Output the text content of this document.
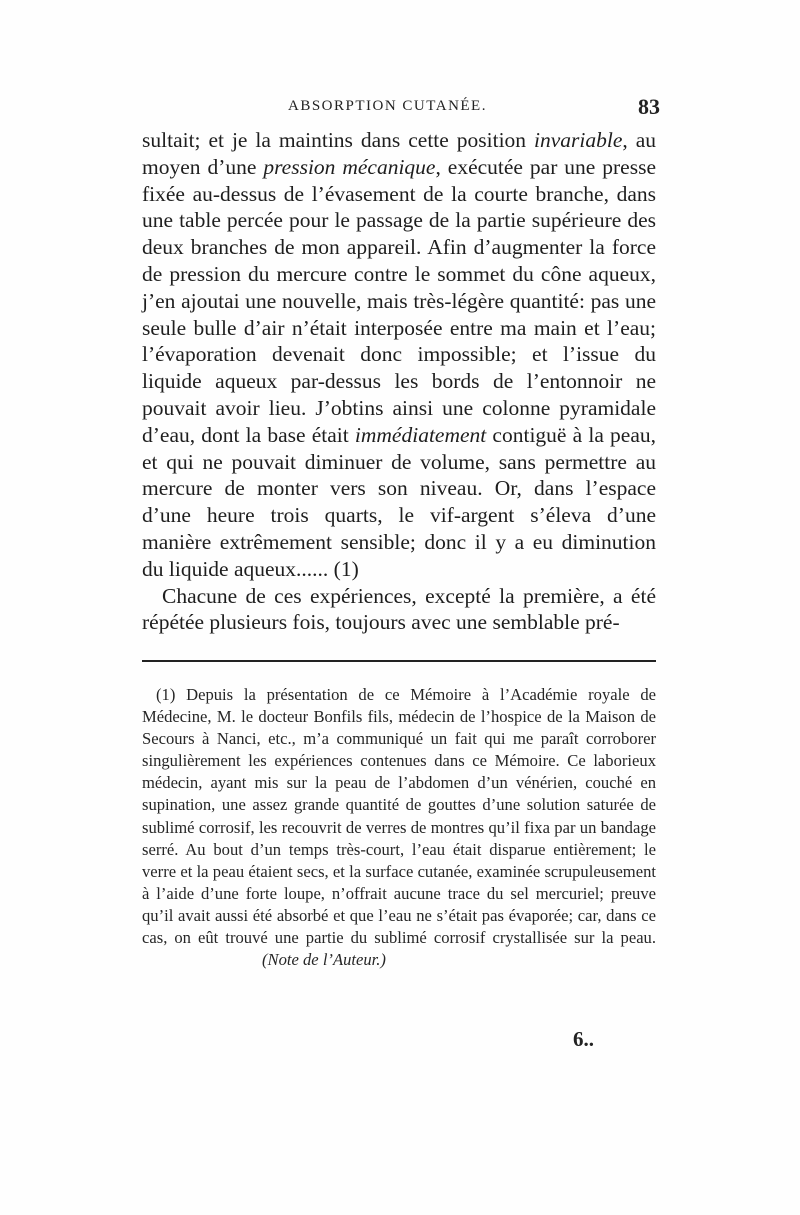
ABSORPTION CUTANÉE.	83

sultait; et je la maintins dans cette position invariable, au moyen d’une pression mécanique, exécutée par une presse fixée au-dessus de l’évasement de la courte branche, dans une table percée pour le passage de la partie supérieure des deux branches de mon appareil. Afin d’augmenter la force de pression du mercure contre le sommet du cône aqueux, j’en ajoutai une nouvelle, mais très-légère quantité: pas une seule bulle d’air n’était interposée entre ma main et l’eau; l’évaporation devenait donc impossible; et l’issue du liquide aqueux par-dessus les bords de l’entonnoir ne pouvait avoir lieu. J’obtins ainsi une colonne pyramidale d’eau, dont la base était immédiatement contiguë à la peau, et qui ne pouvait diminuer de volume, sans permettre au mercure de monter vers son niveau. Or, dans l’espace d’une heure trois quarts, le vif-argent s’éleva d’une manière extrêmement sensible; donc il y a eu diminution du liquide aqueux...... (1)

Chacune de ces expériences, excepté la première, a été répétée plusieurs fois, toujours avec une semblable pré-

(1) Depuis la présentation de ce Mémoire à l’Académie royale de Médecine, M. le docteur Bonfils fils, médecin de l’hospice de la Maison de Secours à Nanci, etc., m’a communiqué un fait qui me paraît corroborer singulièrement les expériences contenues dans ce Mémoire. Ce laborieux médecin, ayant mis sur la peau de l’abdomen d’un vénérien, couché en supination, une assez grande quantité de gouttes d’une solution saturée de sublimé corrosif, les recouvrit de verres de montres qu’il fixa par un bandage serré. Au bout d’un temps très-court, l’eau était disparue entièrement; le verre et la peau étaient secs, et la surface cutanée, examinée scrupuleusement à l’aide d’une forte loupe, n’offrait aucune trace du sel mercuriel; preuve qu’il avait aussi été absorbé et que l’eau ne s’était pas évaporée; car, dans ce cas, on eût trouvé une partie du sublimé corrosif crystallisée sur la peau. (Note de l’Auteur.)

6..
